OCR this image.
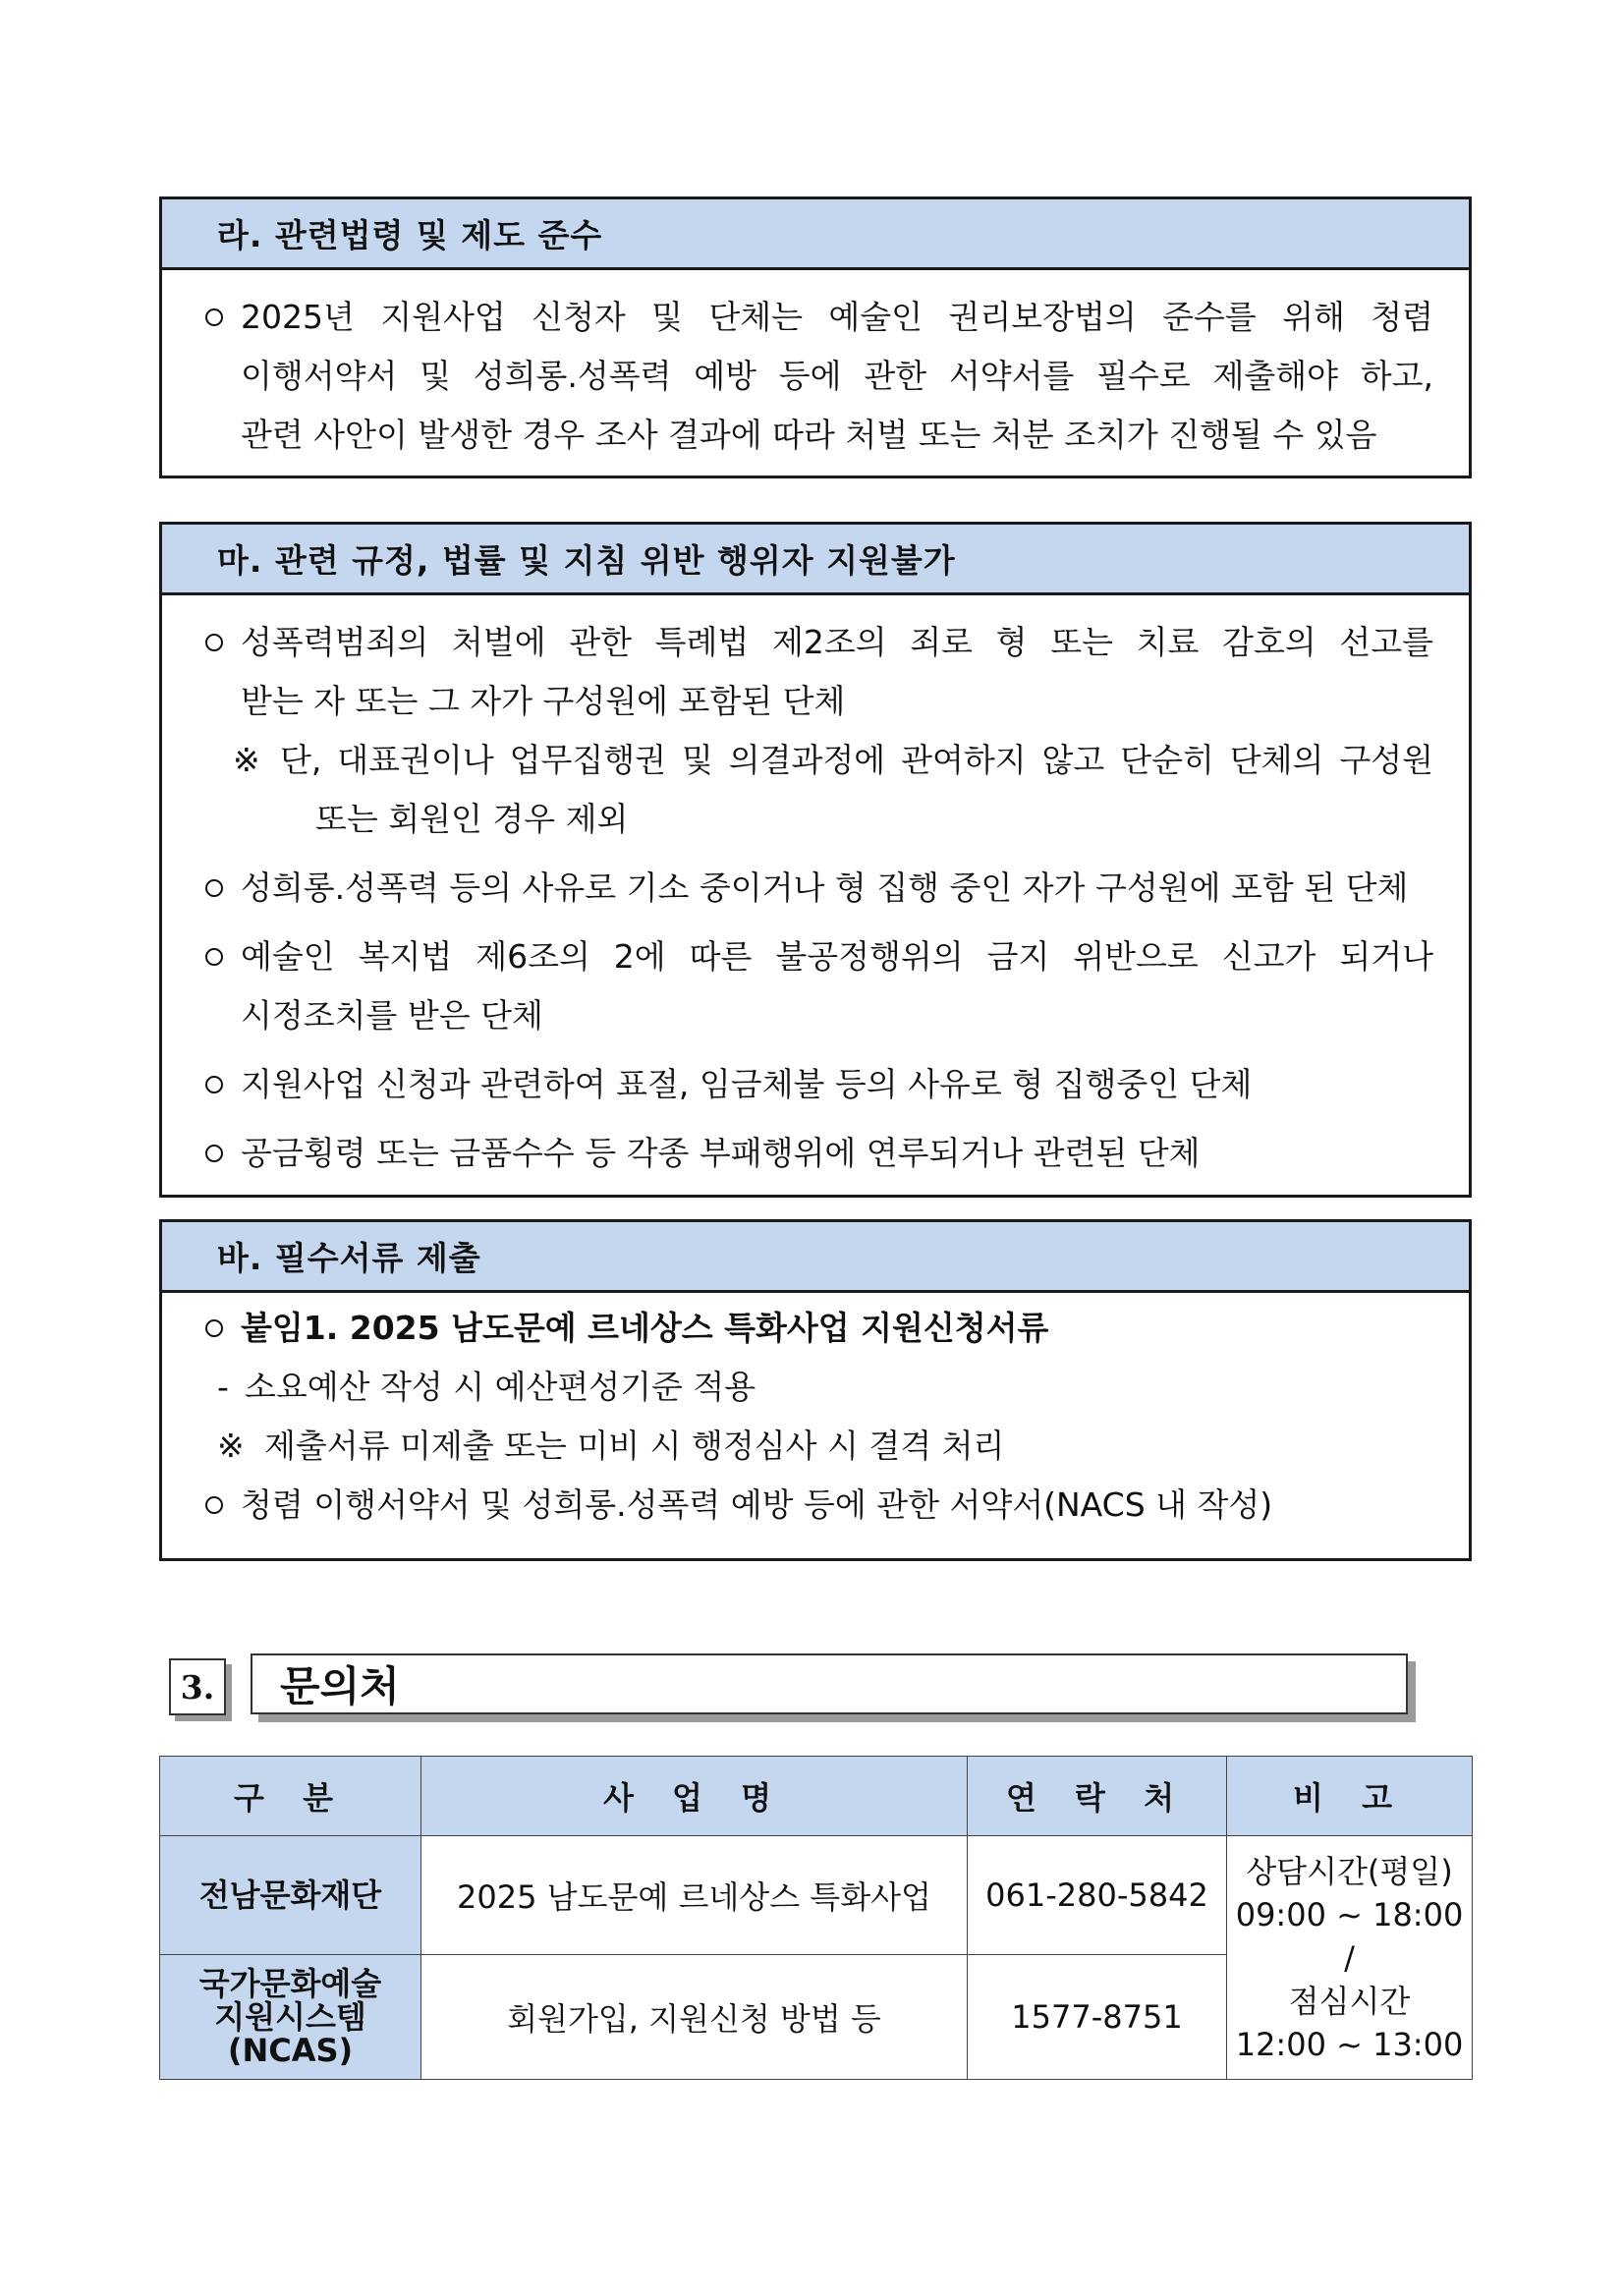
라. 관련법령 및 제도 준수
2025년 지원사업 신청자 및 단체는 예술인 권리보장법의 준수를 위해 청렴
이행서약서 및 성희롱.성폭력 예방 등에 관한 서약서를 필수로 제출해야 하고,
관련 사안이 발생한 경우 조사 결과에 따라 처벌 또는 처분 조치가 진행될 수 있음
마. 관련 규정, 법률 및 지침 위반 행위자 지원불가
성폭력범죄의 처벌에 관한 특례법 제2조의 죄로 형 또는 치료 감호의 선고를
받는 자 또는 그 자가 구성원에 포함된 단체
※ 단, 대표권이나 업무집행권 및 의결과정에 관여하지 않고 단순히 단체의 구성원
또는 회원인 경우 제외
성희롱.성폭력 등의 사유로 기소 중이거나 형 집행 중인 자가 구성원에 포함 된 단체
예술인 복지법 제6조의 2에 따른 불공정행위의 금지 위반으로 신고가 되거나
시정조치를 받은 단체
지원사업 신청과 관련하여 표절, 임금체불 등의 사유로 형 집행중인 단체
공금횡령 또는 금품수수 등 각종 부패행위에 연루되거나 관련된 단체
바. 필수서류 제출
붙임1. 2025 남도문예 르네상스 특화사업 지원신청서류
- 소요예산 작성 시 예산편성기준 적용
※ 제출서류 미제출 또는 미비 시 행정심사 시 결격 처리
청렴 이행서약서 및 성희롱.성폭력 예방 등에 관한 서약서(NACS 내 작성)
3.	문의처
구 분	사 업 명	연 락 처	비 고
전남문화재단	2025 남도문예 르네상스 특화사업	061-280-5842	상담시간(평일)
09:00 ~ 18:00
/
점심시간
12:00 ~ 13:00

국가문화예술
지원시스템
(NCAS)	회원가입, 지원신청 방법 등	1577-8751	
